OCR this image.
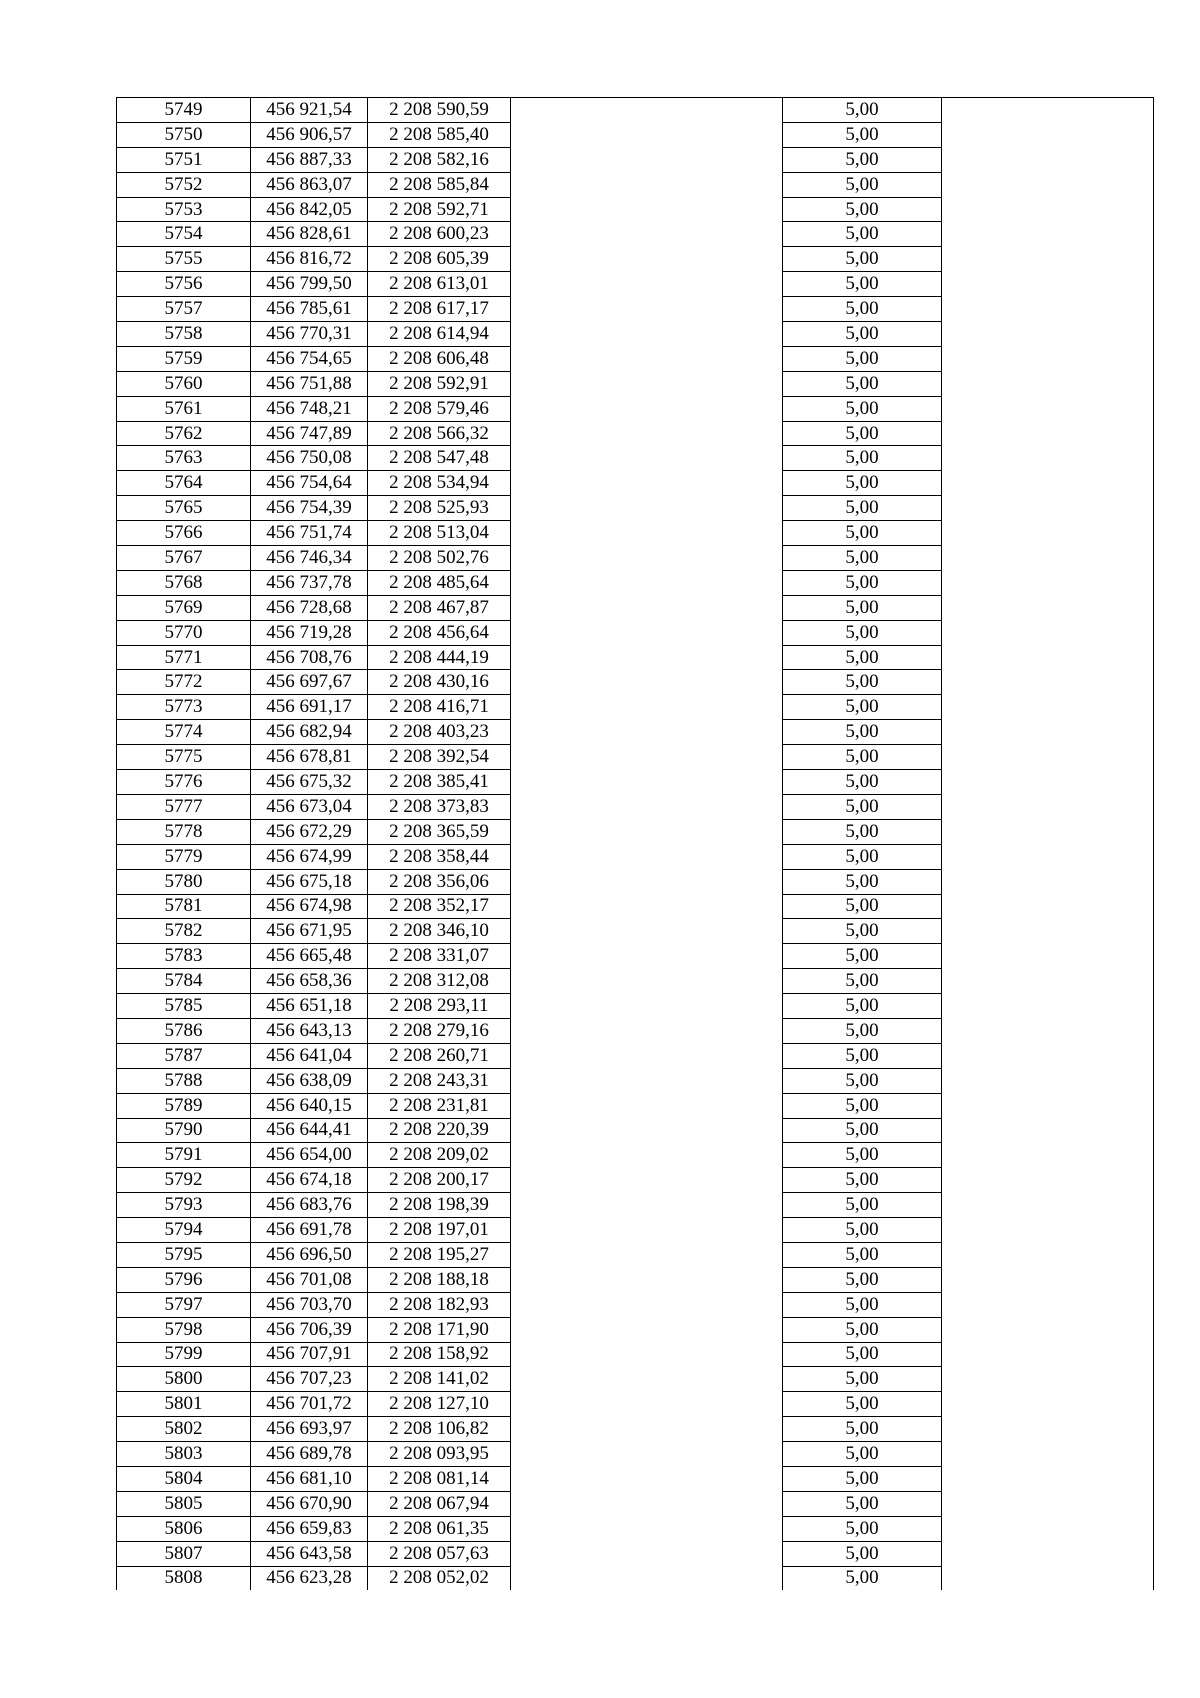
5749	456 921,54	2 208 590,59		5,00	
5750	456 906,57	2 208 585,40		5,00	
5751	456 887,33	2 208 582,16		5,00	
5752	456 863,07	2 208 585,84		5,00	
5753	456 842,05	2 208 592,71		5,00	
5754	456 828,61	2 208 600,23		5,00	
5755	456 816,72	2 208 605,39		5,00	
5756	456 799,50	2 208 613,01		5,00	
5757	456 785,61	2 208 617,17		5,00	
5758	456 770,31	2 208 614,94		5,00	
5759	456 754,65	2 208 606,48		5,00	
5760	456 751,88	2 208 592,91		5,00	
5761	456 748,21	2 208 579,46		5,00	
5762	456 747,89	2 208 566,32		5,00	
5763	456 750,08	2 208 547,48		5,00	
5764	456 754,64	2 208 534,94		5,00	
5765	456 754,39	2 208 525,93		5,00	
5766	456 751,74	2 208 513,04		5,00	
5767	456 746,34	2 208 502,76		5,00	
5768	456 737,78	2 208 485,64		5,00	
5769	456 728,68	2 208 467,87		5,00	
5770	456 719,28	2 208 456,64		5,00	
5771	456 708,76	2 208 444,19		5,00	
5772	456 697,67	2 208 430,16		5,00	
5773	456 691,17	2 208 416,71		5,00	
5774	456 682,94	2 208 403,23		5,00	
5775	456 678,81	2 208 392,54		5,00	
5776	456 675,32	2 208 385,41		5,00	
5777	456 673,04	2 208 373,83		5,00	
5778	456 672,29	2 208 365,59		5,00	
5779	456 674,99	2 208 358,44		5,00	
5780	456 675,18	2 208 356,06		5,00	
5781	456 674,98	2 208 352,17		5,00	
5782	456 671,95	2 208 346,10		5,00	
5783	456 665,48	2 208 331,07		5,00	
5784	456 658,36	2 208 312,08		5,00	
5785	456 651,18	2 208 293,11		5,00	
5786	456 643,13	2 208 279,16		5,00	
5787	456 641,04	2 208 260,71		5,00	
5788	456 638,09	2 208 243,31		5,00	
5789	456 640,15	2 208 231,81		5,00	
5790	456 644,41	2 208 220,39		5,00	
5791	456 654,00	2 208 209,02		5,00	
5792	456 674,18	2 208 200,17		5,00	
5793	456 683,76	2 208 198,39		5,00	
5794	456 691,78	2 208 197,01		5,00	
5795	456 696,50	2 208 195,27		5,00	
5796	456 701,08	2 208 188,18		5,00	
5797	456 703,70	2 208 182,93		5,00	
5798	456 706,39	2 208 171,90		5,00	
5799	456 707,91	2 208 158,92		5,00	
5800	456 707,23	2 208 141,02		5,00	
5801	456 701,72	2 208 127,10		5,00	
5802	456 693,97	2 208 106,82		5,00	
5803	456 689,78	2 208 093,95		5,00	
5804	456 681,10	2 208 081,14		5,00	
5805	456 670,90	2 208 067,94		5,00	
5806	456 659,83	2 208 061,35		5,00	
5807	456 643,58	2 208 057,63		5,00	
5808	456 623,28	2 208 052,02		5,00	
